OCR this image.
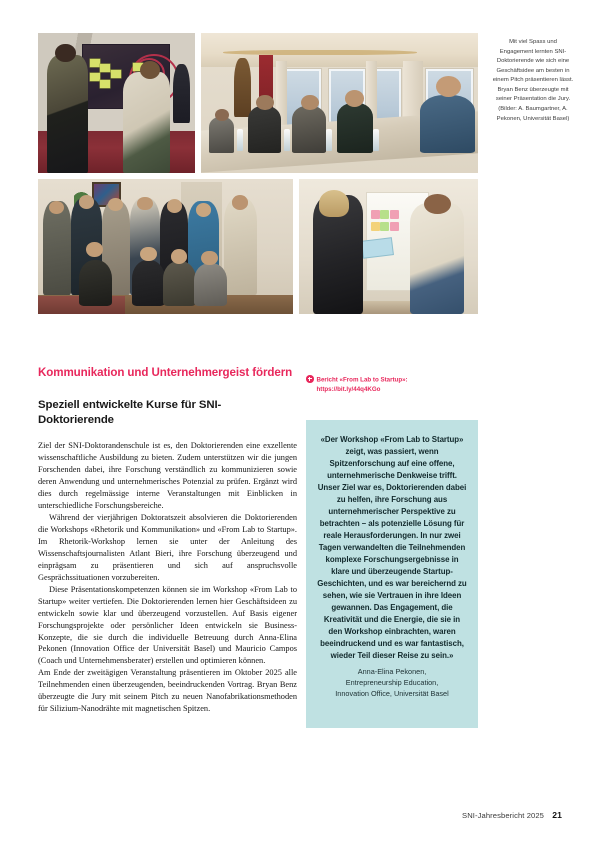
Mit viel Spass und Engagement lernten SNI-Doktorierende wie sich eine Geschäftsidee am besten in einem Pitch präsentieren lässt. Bryan Benz überzeugte mit seiner Präsentation die Jury. (Bilder: A. Baumgartner, A. Pekonen, Universität Basel)
Kommunikation und Unternehmergeist fördern
Speziell entwickelte Kurse für SNI-Doktorierende

Ziel der SNI-Doktorandenschule ist es, den Doktorierenden eine exzellente wissenschaftliche Ausbildung zu bieten. Zudem unterstützen wir die jungen Forschenden dabei, ihre Forschung verständlich zu kommunizieren sowie deren Anwendung und unternehmerisches Potenzial zu prüfen. Ergänzt wird dies durch regelmässige interne Veranstaltungen mit Einblicken in unterschiedliche Forschungsbereiche.

Während der vierjährigen Doktoratszeit absolvieren die Doktorierenden die Workshops «Rhetorik und Kommunikation» und «From Lab to Startup». Im Rhetorik-Workshop lernen sie unter der Anleitung des Wissenschaftsjournalisten Atlant Bieri, ihre Forschung überzeugend und einprägsam zu präsentieren und sich auf anspruchsvolle Gesprächssituationen vorzubereiten.

Diese Präsentationskompetenzen können sie im Workshop «From Lab to Startup» weiter vertiefen. Die Doktorierenden lernen hier Geschäftsideen zu entwickeln sowie klar und überzeugend vorzustellen. Auf Basis eigener Forschungsprojekte oder persönlicher Ideen entwickeln sie Business-Konzepte, die sie durch die individuelle Betreuung durch Anna-Elina Pekonen (Innovation Office der Universität Basel) und Mauricio Campos (Coach und Unternehmensberater) erstellen und optimieren können.

Am Ende der zweitägigen Veranstaltung präsentieren im Oktober 2025 alle Teilnehmenden einen überzeugenden, beeindruckenden Vortrag. Bryan Benz überzeugte die Jury mit seinem Pitch zu neuen Nanofabrikationsmethoden für Silizium-Nanodrähte mit magnetischen Spitzen.

Bericht «From Lab to Startup»:
https://bit.ly/44q4KGo
«Der Workshop «From Lab to Startup» zeigt, was passiert, wenn Spitzenforschung auf eine offene, unternehmerische Denkweise trifft. Unser Ziel war es, Doktorierenden dabei zu helfen, ihre Forschung aus unternehmerischer Perspektive zu betrachten – als potenzielle Lösung für reale Herausforderungen. In nur zwei Tagen verwandelten die Teilnehmenden komplexe Forschungsergebnisse in klare und überzeugende Startup-Geschichten, und es war bereichernd zu sehen, wie sie Vertrauen in ihre Ideen gewannen. Das Engagement, die Kreativität und die Energie, die sie in den Workshop einbrachten, waren beeindruckend und es war fantastisch, wieder Teil dieser Reise zu sein.»
Anna-Elina Pekonen,
Entrepreneurship Education,
Innovation Office, Universität Basel
SNI-Jahresbericht 2025 21
